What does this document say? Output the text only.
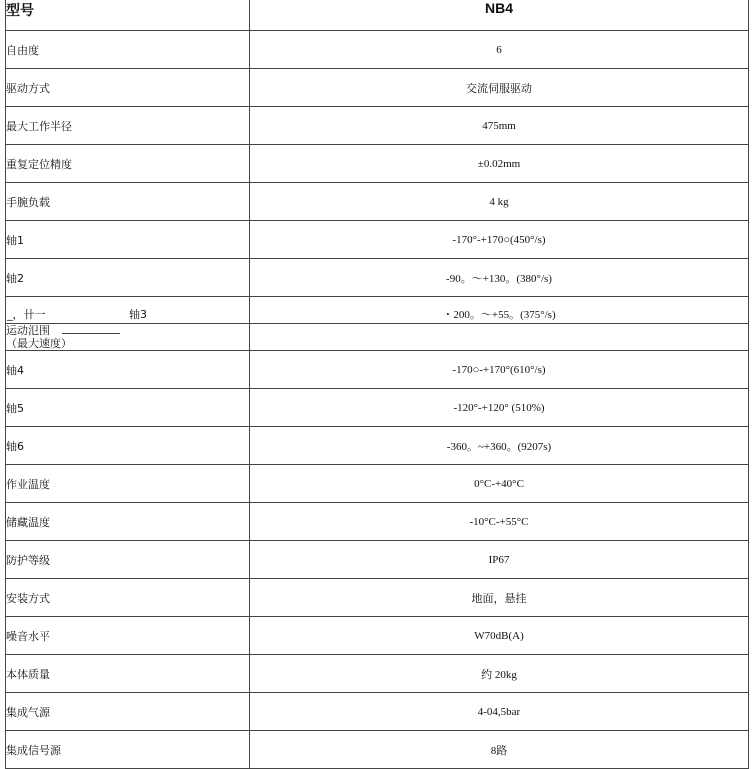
型号	NB4
自由度	6
驱动方式	交流伺服驱动
最大工作半径	475mm
重复定位精度	±0.02mm
手腕负载	4 kg
轴1	-170°-+170○(450°/s)
轴2	-90。〜+130。(380°/s)

_，卄一 轴3	・200。〜+55。(375°/s)

运动氾围
（最大速度）	

轴4	-170○-+170°(610°/s)
轴5	-120°-+120° (510%)
轴6	-360。~+360。(9207s)
作业温度	0°C-+40°C
储藏温度	-10°C-+55°C
防护等级	IP67
安装方式	地面，悬挂
噪音水平	W70dB(A)
本体质量	约 20kg
集成气源	4-04,5bar
集成信号源	8路
